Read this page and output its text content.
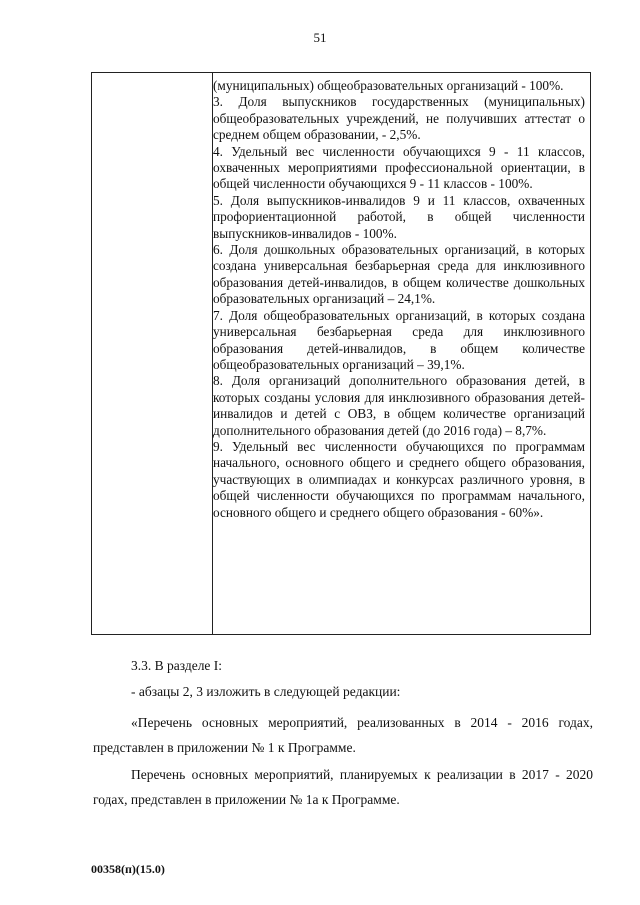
51

(муниципальных) общеобразовательных организаций - 100%.

3. Доля выпускников государственных (муниципальных) общеобразовательных учреждений, не получивших аттестат о среднем общем образовании, - 2,5%.

4. Удельный вес численности обучающихся 9 - 11 классов, охваченных мероприятиями профессиональной ориентации, в общей численности обучающихся 9 - 11 классов - 100%.

5. Доля выпускников-инвалидов 9 и 11 классов, охваченных профориентационной работой, в общей численности выпускников-инвалидов - 100%.

6. Доля дошкольных образовательных организаций, в которых создана универсальная безбарьерная среда для инклюзивного образования детей-инвалидов, в общем количестве дошкольных образовательных организаций – 24,1%.

7. Доля общеобразовательных организаций, в которых создана универсальная безбарьерная среда для инклюзивного образования детей-инвалидов, в общем количестве общеобразовательных организаций – 39,1%.

8. Доля организаций дополнительного образования детей, в которых созданы условия для инклюзивного образования детей-инвалидов и детей с ОВЗ, в общем количестве организаций дополнительного образования детей (до 2016 года) – 8,7%.

9. Удельный вес численности обучающихся по программам начального, основного общего и среднего общего образования, участвующих в олимпиадах и конкурсах различного уровня, в общей численности обучающихся по программам начального, основного общего и среднего общего образования - 60%».

3.3. В разделе I:

- абзацы 2, 3 изложить в следующей редакции:

«Перечень основных мероприятий, реализованных в 2014 - 2016 годах, представлен в приложении № 1 к Программе.

Перечень основных мероприятий, планируемых к реализации в 2017 - 2020 годах, представлен в приложении № 1а к Программе.

00358(п)(15.0)
